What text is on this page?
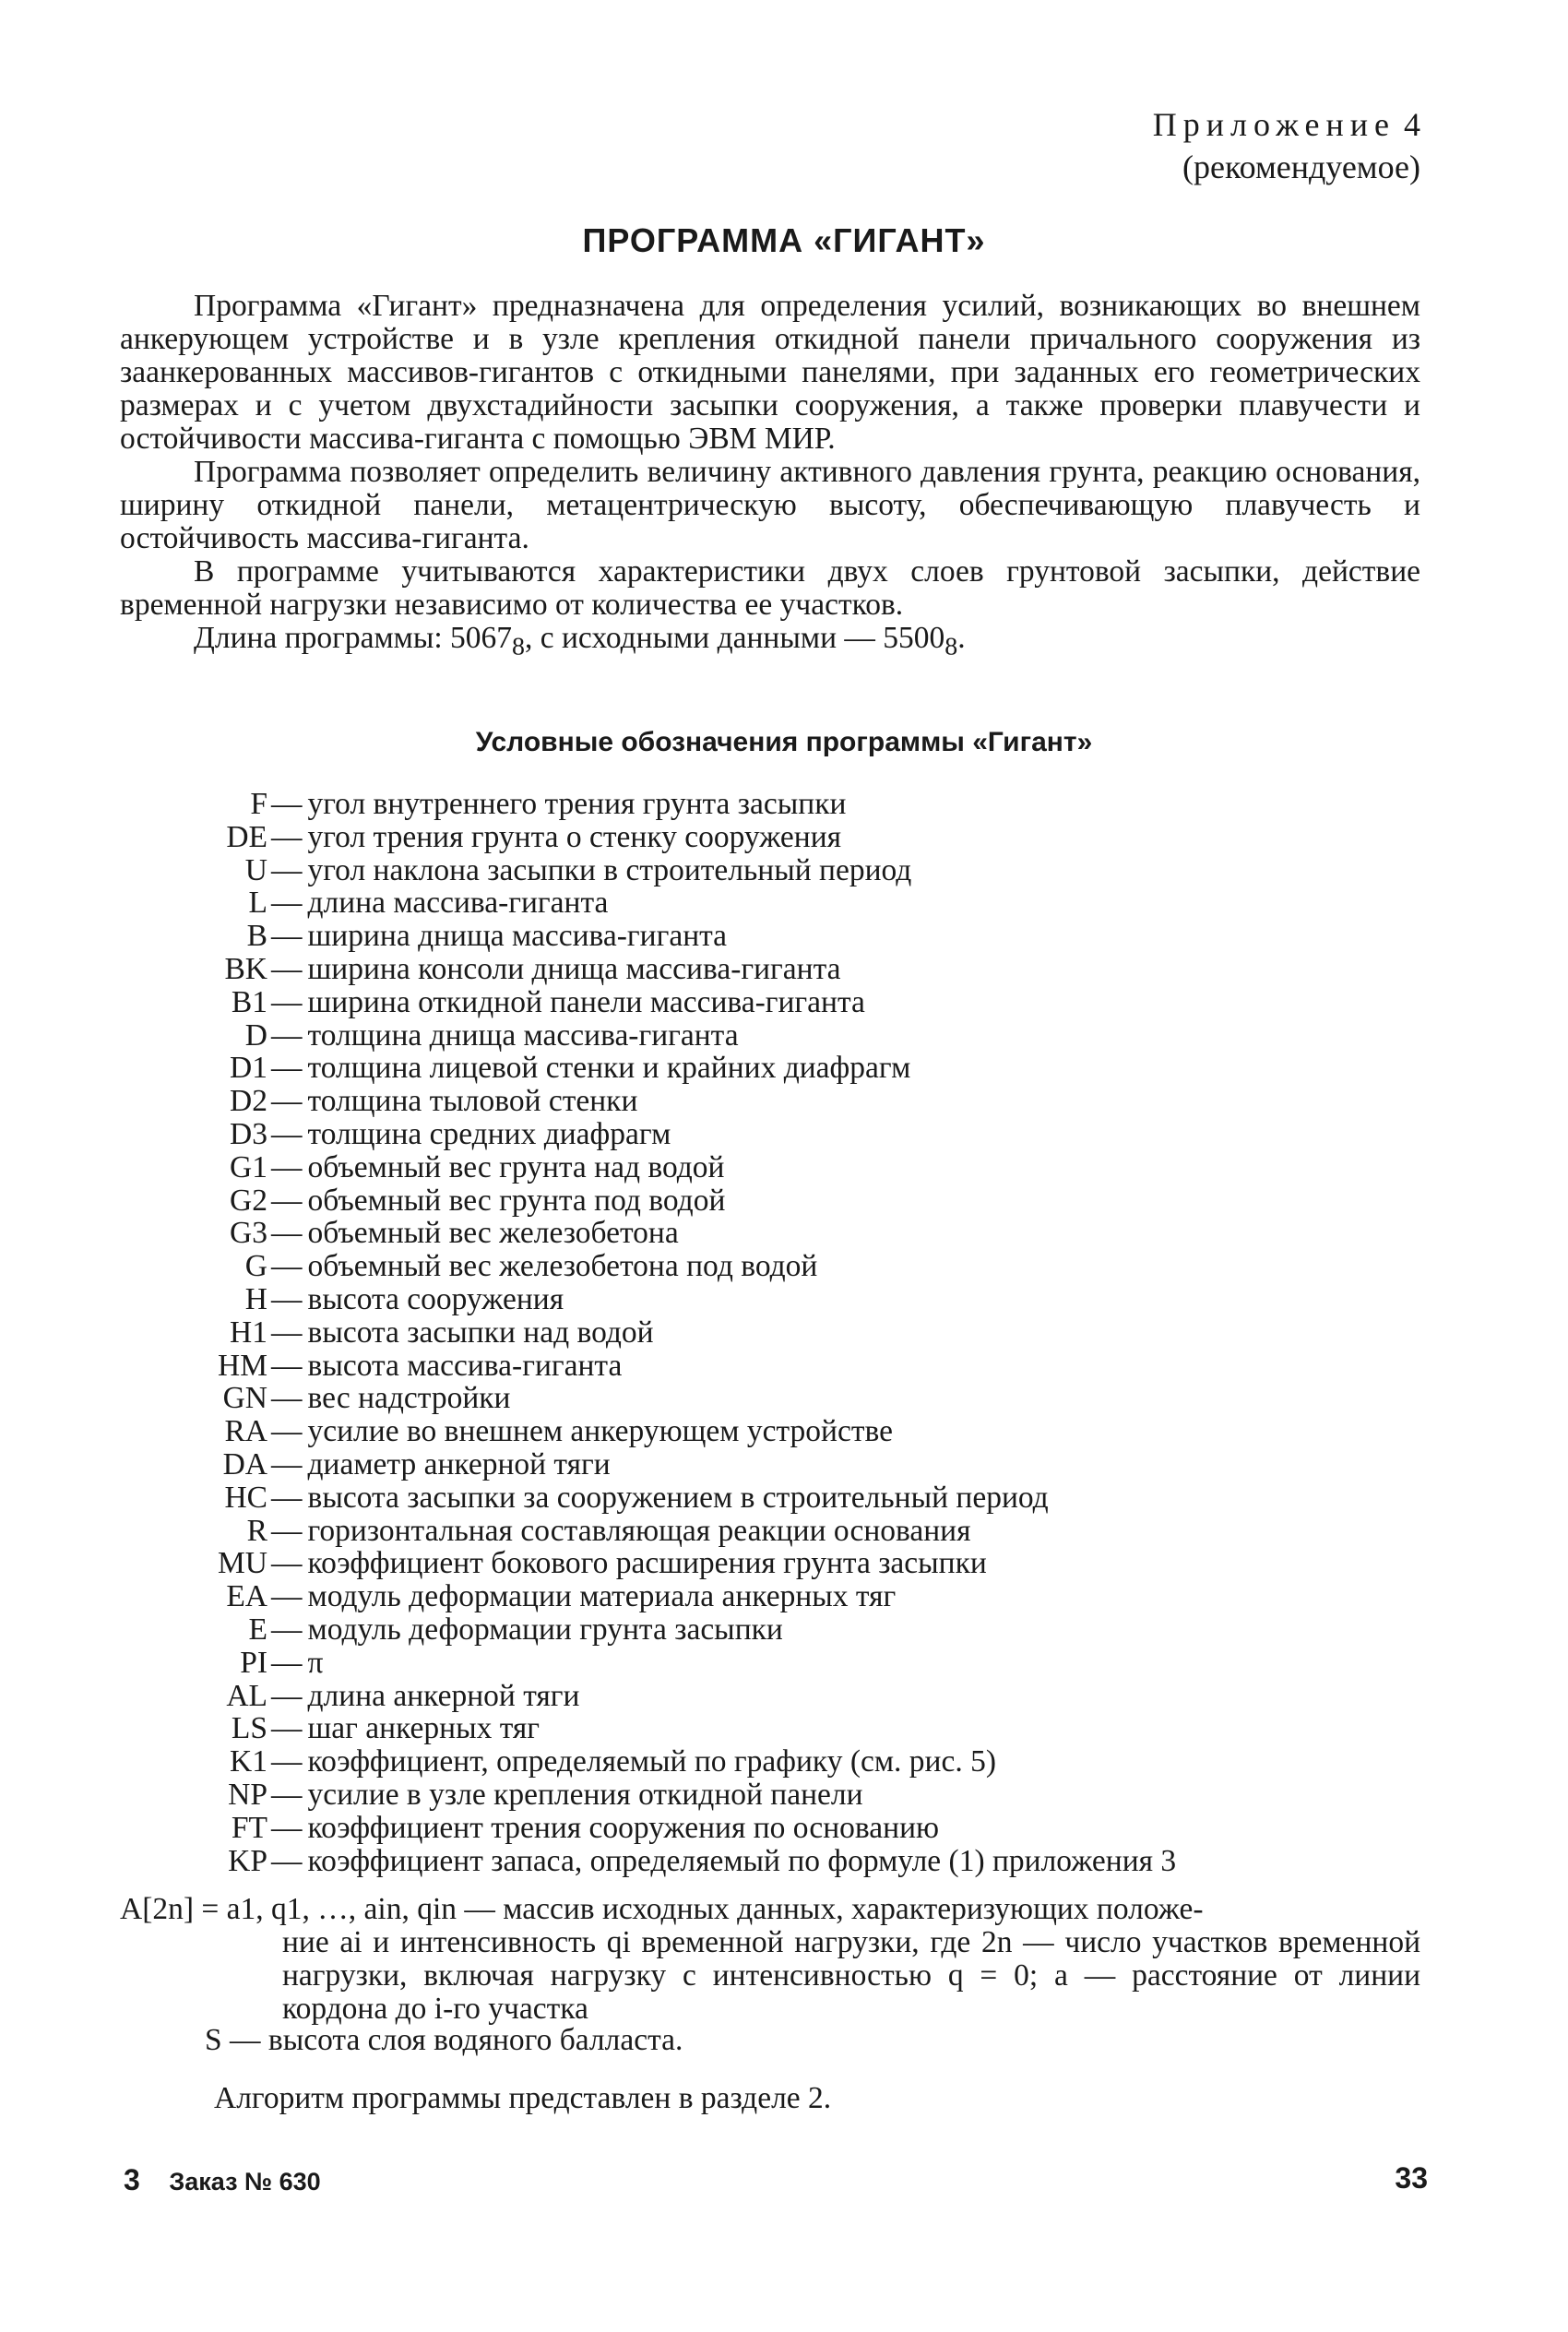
Приложение 4
(рекомендуемое)
ПРОГРАММА «ГИГАНТ»

Программа «Гигант» предназначена для определения усилий, возникающих во внешнем анкерующем устройстве и в узле крепления откидной панели причального сооружения из заанкерованных массивов-гигантов с откидными панелями, при заданных его геометрических размерах и с учетом двухстадийности засыпки сооружения, а также проверки плавучести и остойчивости массива-гиганта с помощью ЭВМ МИР.

Программа позволяет определить величину активного давления грунта, реакцию основания, ширину откидной панели, метацентрическую высоту, обеспечивающую плавучесть и остойчивость массива-гиганта.

В программе учитываются характеристики двух слоев грунтовой засыпки, действие временной нагрузки независимо от количества ее участков.

Длина программы: $5067_8$, с исходными данными — $5500_8$.

Условные обозначения программы «Гигант»
F — угол внутреннего трения грунта засыпки
DE — угол трения грунта о стенку сооружения
U — угол наклона засыпки в строительный период
L — длина массива-гиганта
B — ширина днища массива-гиганта
BK — ширина консоли днища массива-гиганта
B1 — ширина откидной панели массива-гиганта
D — толщина днища массива-гиганта
D1 — толщина лицевой стенки и крайних диафрагм
D2 — толщина тыловой стенки
D3 — толщина средних диафрагм
G1 — объемный вес грунта над водой
G2 — объемный вес грунта под водой
G3 — объемный вес железобетона
G — объемный вес железобетона под водой
H — высота сооружения
H1 — высота засыпки над водой
HM — высота массива-гиганта
GN — вес надстройки
RA — усилие во внешнем анкерующем устройстве
DA — диаметр анкерной тяги
HC — высота засыпки за сооружением в строительный период
R — горизонтальная составляющая реакции основания
MU — коэффициент бокового расширения грунта засыпки
EA — модуль деформации материала анкерных тяг
E — модуль деформации грунта засыпки
PI — π
AL — длина анкерной тяги
LS — шаг анкерных тяг
K1 — коэффициент, определяемый по графику (см. рис. 5)
NP — усилие в узле крепления откидной панели
FT — коэффициент трения сооружения по основанию
KP — коэффициент запаса, определяемый по формуле (1) приложения 3
A[2n] = a1, q1, …, ain, qin — массив исходных данных, характеризующих положе-
ние ai и интенсивность qi временной нагрузки, где 2n — число участков временной нагрузки, включая нагрузку с интенсивностью q = 0; a — расстояние от линии кордона до i-го участка
S — высота слоя водяного балласта.
Алгоритм программы представлен в разделе 2.
3 Заказ № 630	33
